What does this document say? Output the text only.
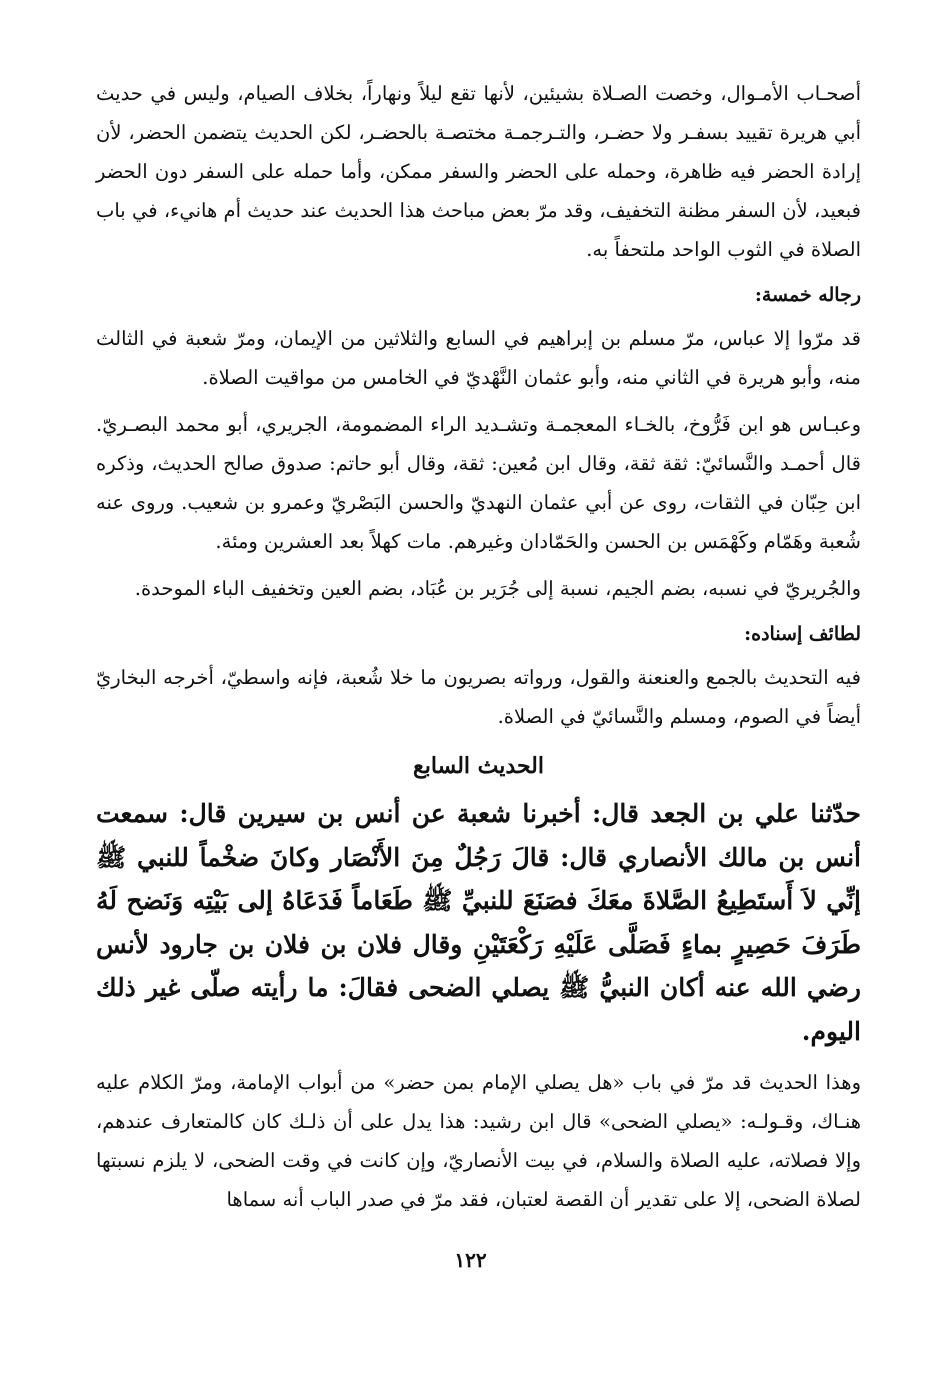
أصحـاب الأمـوال، وخصت الصـلاة بشيئين، لأنها تقع ليلاً ونهاراً، بخلاف الصيام، وليس في حديث أبي هريرة تقييد بسفـر ولا حضـر، والتـرجمـة مختصـة بالحضـر، لكن الحديث يتضمن الحضر، لأن إرادة الحضر فيه ظاهرة، وحمله على الحضر والسفر ممكن، وأما حمله على السفر دون الحضر فبعيد، لأن السفر مظنة التخفيف، وقد مرّ بعض مباحث هذا الحديث عند حديث أم هانيء، في باب الصلاة في الثوب الواحد ملتحفاً به.

رجاله خمسة:

قد مرّوا إلا عباس، مرّ مسلم بن إبراهيم في السابع والثلاثين من الإيمان، ومرّ شعبة في الثالث منه، وأبو هريرة في الثاني منه، وأبو عثمان النَّهْديّ في الخامس من مواقيت الصلاة.

وعبـاس هو ابن فَرُّوخ، بالخـاء المعجمـة وتشـديد الراء المضمومة، الجريري، أبو محمد البصـريّ. قال أحمـد والنَّسائيّ: ثقة ثقة، وقال ابن مُعين: ثقة، وقال أبو حاتم: صدوق صالح الحديث، وذكره ابن حِبّان في الثقات، روى عن أبي عثمان النهديّ والحسن البَصْريّ وعمرو بن شعيب. وروى عنه شُعبة وهَمّام وكَهْمَس بن الحسن والحَمّادان وغيرهم. مات كهلاً بعد العشرين ومئة.

والجُريريّ في نسبه، بضم الجيم، نسبة إلى جُرَير بن عُبَاد، بضم العين وتخفيف الباء الموحدة.

لطائف إسناده:

فيه التحديث بالجمع والعنعنة والقول، ورواته بصريون ما خلا شُعبة، فإنه واسطيّ، أخرجه البخاريّ أيضاً في الصوم، ومسلم والنَّسائيّ في الصلاة.

الحديث السابع

حدّثنا علي بن الجعد قال: أخبرنا شعبة عن أنس بن سيرين قال: سمعت أنس بن مالك الأنصاري قال: قالَ رَجُلٌ مِنَ الأَنْصَار وكانَ ضخْماً للنبي ﷺ إنِّي لاَ أَستَطِيعُ الصَّلاةَ معَكَ فصَنَعَ للنبيِّ ﷺ طَعَاماً فَدَعَاهُ إلى بَيْتِه وَنَضح لَهُ طَرَفَ حَصِيرٍ بماءٍ فَصَلَّى عَلَيْهِ رَكْعَتَيْنِ وقال فلان بن فلان بن جارود لأنس رضي الله عنه أكان النبيُّ ﷺ يصلي الضحى فقالَ: ما رأيته صلّى غير ذلك اليوم.

وهذا الحديث قد مرّ في باب «هل يصلي الإمام بمن حضر» من أبواب الإمامة، ومرّ الكلام عليه هنـاك، وقـولـه: «يصلي الضحى» قال ابن رشيد: هذا يدل على أن ذلـك كان كالمتعارف عندهم، وإلا فصلاته، عليه الصلاة والسلام، في بيت الأنصاريّ، وإن كانت في وقت الضحى، لا يلزم نسبتها لصلاة الضحى، إلا على تقدير أن القصة لعتبان، فقد مرّ في صدر الباب أنه سماها

١٢٢
